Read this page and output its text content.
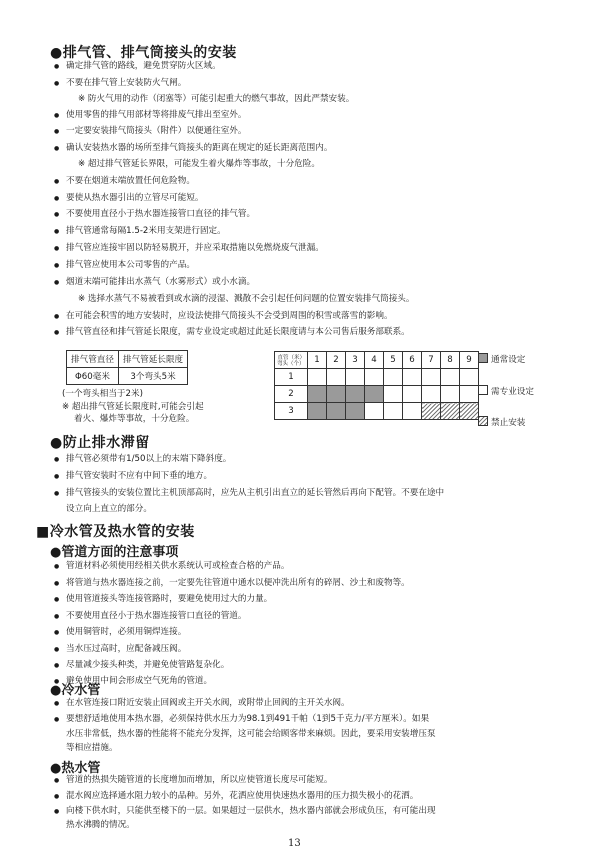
●排气管、排气筒接头的安装
● 确定排气管的路线，避免贯穿防火区域。
● 不要在排气管上安装防火气闸。
※ 防火气用的动作（闭塞等）可能引起重大的燃气事故，因此严禁安装。
● 使用零售的排气用部材等将排废气排出至室外。
● 一定要安装排气筒接头（附件）以便通往室外。
● 确认安装热水器的场所至排气筒接头的距离在规定的延长距离范围内。
※ 超过排气管延长界限，可能发生着火爆炸等事故，十分危险。
● 不要在烟道末端放置任何危险物。
● 要使从热水器引出的立管尽可能短。
● 不要使用直径小于热水器连接管口直径的排气管。
● 排气管通常每隔1.5-2米用支架进行固定。
● 排气管应连接牢固以防轻易脱开，并应采取措施以免燃烧废气泄漏。
● 排气管应使用本公司零售的产品。
● 烟道末端可能排出水蒸气（水雾形式）或小水滴。
※ 选择水蒸气不易被看到或水滴的浸湿、溅散不会引起任何问题的位置安装排气筒接头。
● 在可能会积雪的地方安装时，应设法使排气筒接头不会受到周围的积雪或落雪的影响。
● 排气管直径和排气管延长限度，需专业设定或超过此延长限度请与本公司售后服务部联系。
排气管直径	排气管延长限度
Φ60毫米	3个弯头5米
(一个弯头相当于2米)
※ 超出排气管延长限度时,可能会引起
着火、爆炸等事故，十分危险。
直管（米）
弯头（个）	1	2	3	4	5	6	7	8	9
1									
2									
3									
通常设定
需专业设定
禁止安装
●防止排水滞留
● 排气管必须带有1/50以上的末端下降斜度。
● 排气管安装时不应有中间下垂的地方。
● 排气管接头的安装位置比主机顶部高时，应先从主机引出直立的延长管然后再向下配管。不要在途中
设立向上直立的部分。
■冷水管及热水管的安装
●管道方面的注意事项
● 管道材料必须使用经相关供水系统认可或检查合格的产品。
● 将管道与热水器连接之前，一定要先往管道中通水以便冲洗出所有的碎屑、沙土和废物等。
● 使用管道接头等连接管路时，要避免使用过大的力量。
● 不要使用直径小于热水器连接管口直径的管道。
● 使用铜管时，必须用铜焊连接。
● 当水压过高时，应配备减压阀。
● 尽量减少接头种类，并避免使管路复杂化。
● 避免使用中间会形成空气死角的管道。
●冷水管
● 在水管连接口附近安装止回阀或主开关水阀，或附带止回阀的主开关水阀。
● 要想舒适地使用本热水器，必须保持供水压力为98.1到491千帕（1到5千克力/平方厘米）。如果
水压非常低，热水器的性能将不能充分发挥，这可能会给顾客带来麻烦。因此，要采用安装增压泵
等相应措施。
●热水管
● 管道的热损失随管道的长度增加而增加，所以应使管道长度尽可能短。
● 混水阀应选择通水阻力较小的品种。另外，花洒应使用快速热水器用的压力损失极小的花洒。
● 向楼下供水时，只能供至楼下的一层。如果超过一层供水，热水器内部就会形成负压，有可能出现
热水沸腾的情况。
13
